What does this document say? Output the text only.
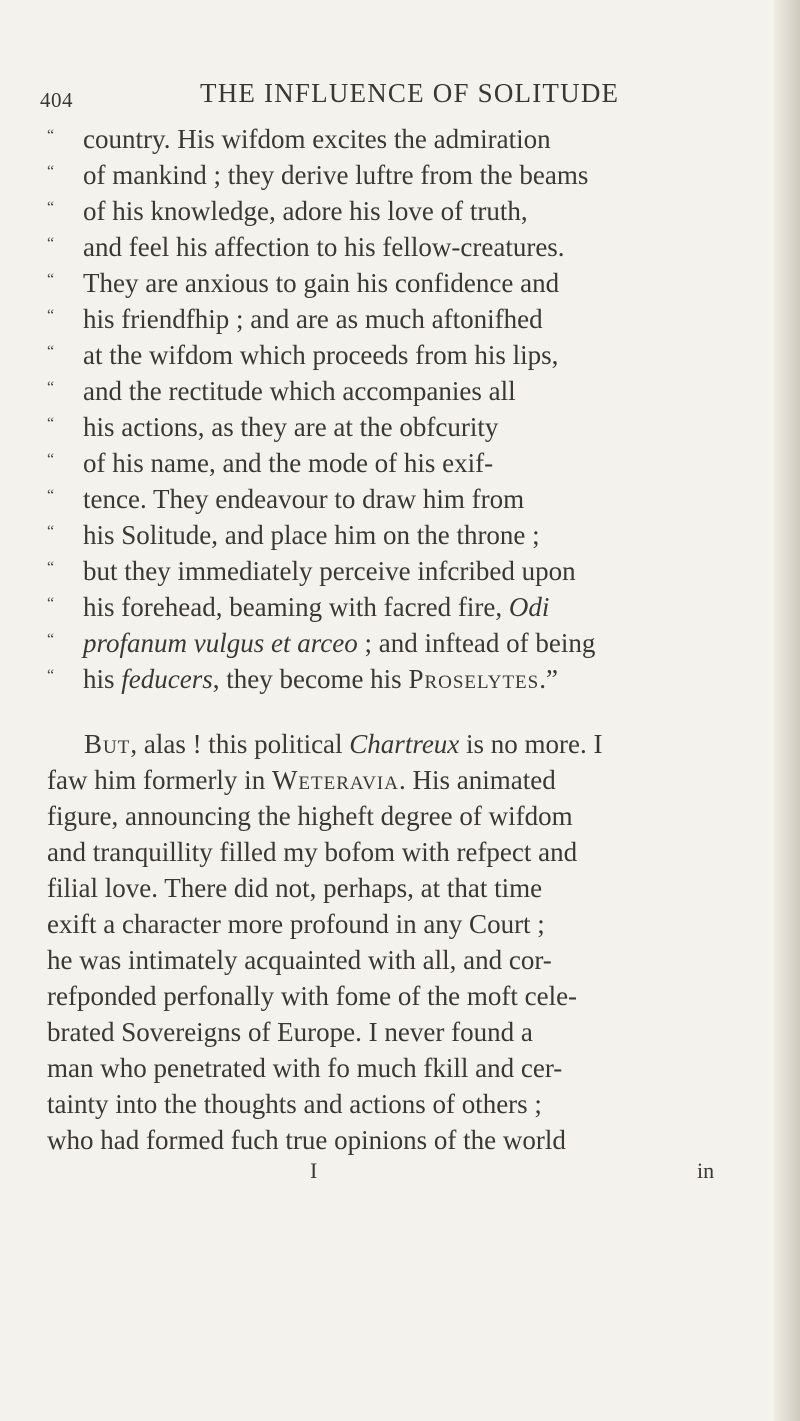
404	THE INFLUENCE OF SOLITUDE
“ country. His wifdom excites the admiration
“ of mankind ; they derive luftre from the beams
“ of his knowledge, adore his love of truth,
“ and feel his affection to his fellow-creatures.
“ They are anxious to gain his confidence and
“ his friendfhip ; and are as much aftonifhed
“ at the wifdom which proceeds from his lips,
“ and the rectitude which accompanies all
“ his actions, as they are at the obfcurity
“ of his name, and the mode of his exif-
“ tence. They endeavour to draw him from
“ his Solitude, and place him on the throne ;
“ but they immediately perceive infcribed upon
“ his forehead, beaming with facred fire, Odi
“ profanum vulgus et arceo ; and inftead of being
“ his feducers, they become his Proselytes.”
But, alas ! this political Chartreux is no more. I
faw him formerly in Weteravia. His animated
figure, announcing the higheft degree of wifdom
and tranquillity filled my bofom with refpect and
filial love. There did not, perhaps, at that time
exift a character more profound in any Court ;
he was intimately acquainted with all, and cor-
refponded perfonally with fome of the moft cele-
brated Sovereigns of Europe. I never found a
man who penetrated with fo much fkill and cer-
tainty into the thoughts and actions of others ;
who had formed fuch true opinions of the world
I	in
